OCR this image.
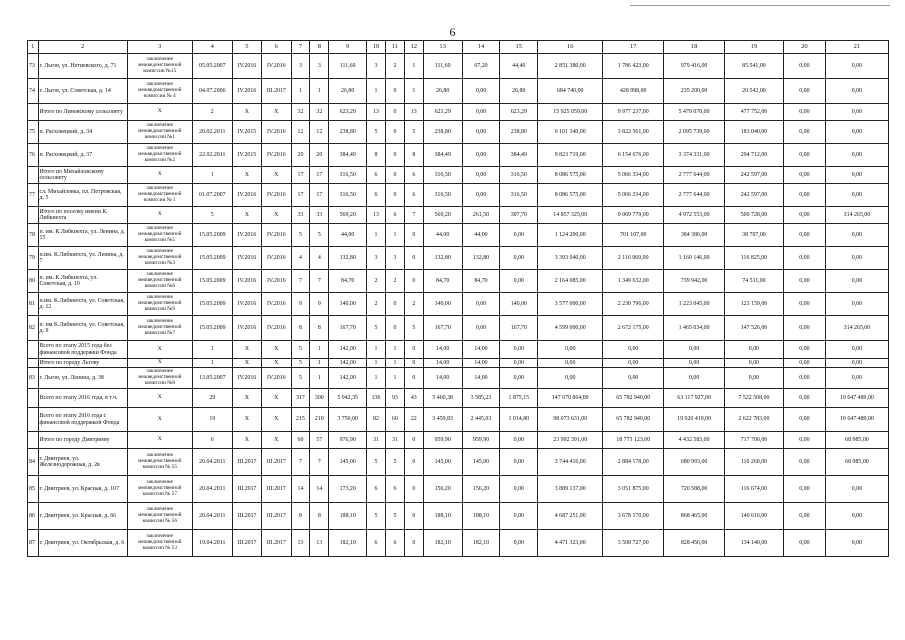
6
1	2	3	4	5	6	7	8	9	10	11	12	13	14	15	16	17	18	19	20	21
73	г. Льгов, ул. Нетиевского, д. 71	заключение межведомственной комиссии №15	05.05.2007	IV.2016	IV.2016	3	3	111,60	3	2	1	111,60	67,20	44,40	2 851 380,00	1 786 423,00	979 416,00	85 541,00	0,00	0,00
74	г. Льгов, ул. Советская, д. 14	заключение межведомственной комиссии № 4	04.07.2006	IV.2016	III.2017	1	1	26,80	1	0	1	26,80	0,00	26,80	684 740,00	428 998,00	235 200,00	20 542,00	0,00	0,00
	Итого по Линовскому сельсовету	X	2	X	X	32	32	623,29	13	0	13	623,29	0,00	623,29	15 925 059,00	9 977 237,00	5 470 070,00	477 752,00	0,00	0,00
75	п. Расховецкий, д. 34	заключение межведомственной комиссии №1	20.02.2011	IV.2015	IV.2016	12	12	238,80	5	0	5	238,80	0,00	238,80	6 101 340,00	3 822 561,00	2 095 739,00	183 040,00	0,00	0,00
76	п. Расховецкий, д. 37	заключение межведомственной комиссии №2	22.02.2011	IV.2015	IV.2016	20	20	384,49	8	0	8	384,49	0,00	384,49	9 823 719,00	6 154 676,00	3 374 331,00	294 712,00	0,00	0,00
	Итого по Михайловскому сельсовету	X	1	X	X	17	17	316,50	6	0	6	316,50	0,00	316,50	8 086 575,00	5 066 334,00	2 777 644,00	242 597,00	0,00	0,00
77	сл. Михайловка, пл. Петровская, д. 5	заключение межведомственной комиссии № 1	01.07.2007	IV.2016	IV.2016	17	17	316,50	6	0	6	316,50	0,00	316,50	8 086 575,00	5 066 334,00	2 777 644,00	242 597,00	0,00	0,00
	Итого по поселку имени К. Либкнехта	X	5	X	X	33	33	569,20	13	6	7	569,20	261,50	307,70	14 857 325,00	9 069 779,00	4 972 553,00	500 728,00	0,00	314 265,00
78	п. им. К.Либкнехта, ул. Ленина, д. 15	заключение межведомственной комиссии №5	15.05.2009	IV.2016	IV.2016	5	5	44,00	1	1	0	44,00	44,00	0,00	1 124 200,00	701 107,00	384 386,00	38 707,00	0,00	0,00
79	п.им. К.Либкнехта, ул. Ленина, д. 7	заключение межведомственной комиссии №3	15.05.2009	IV.2016	IV.2016	4	4	132,80	3	3	0	132,80	132,80	0,00	3 393 040,00	2 116 069,00	1 160 146,00	116 825,00	0,00	0,00
80	п. им. К.Либкнехта, ул. Советская, д. 10	заключение межведомственной комиссии №6	15.05.2009	IV.2016	IV.2016	7	7	84,70	2	2	0	84,70	84,70	0,00	2 164 085,00	1 349 632,00	739 942,00	74 511,00	0,00	0,00
81	п.им. К.Либкнехта, ул. Советская, д. 12	заключение межведомственной комиссии №9	15.05.2009	IV.2016	IV.2016	9	9	140,00	2	0	2	140,00	0,00	140,00	3 577 000,00	2 230 796,00	1 223 045,00	123 159,00	0,00	0,00
82	п. им К.Либкнехта, ул. Советская, д. 9	заключение межведомственной комиссии №7	15.05.2009	IV.2016	IV.2016	8	8	167,70	5	0	5	167,70	0,00	167,70	4 599 000,00	2 672 175,00	1 465 034,00	147 526,00	0,00	314 265,00
	Всего по этапу 2015 года без финансовой поддержки Фонда	X	1	X	X	5	1	142,00	1	1	0	14,00	14,00	0,00	0,00	0,00	0,00	0,00	0,00	0,00
	Итого по городу Льгову	X	1	X	X	5	1	142,00	1	1	0	14,00	14,00	0,00	0,00	0,00	0,00	0,00	0,00	0,00
83	г. Льгов, ул. Ленина, д. 38	заключение межведомственной комиссии №8	13.05.2007	IV.2016	IV.2016	5	1	142,00	1	1	0	14,00	14,00	0,00	0,00	0,00	0,00	0,00	0,00	0,00
	Всего по этапу 2016 года, в т.ч.	X	29	X	X	317	300	5 942,35	136	93	43	5 460,38	3 585,23	1 875,15	147 070 864,00	65 782 940,00	63 117 927,00	7 522 508,00	0,00	10 647 489,00
	Всего по этапу 2016 года с финансовой поддержкой Фонда	X	19	X	X	215	210	3 750,00	82	60	22	3 459,83	2 445,03	1 014,80	98 073 631,00	65 782 940,00	19 020 419,00	2 622 783,00	0,00	10 647 489,00
	Итого по городу Дмитриеву	X	6	X	X	60	57	976,90	31	31	0	959,90	959,90	0,00	23 992 391,00	18 773 123,00	4 432 583,00	717 700,00	0,00	68 985,00
84	г. Дмитриев, ул. Железнодорожная, д. 2в	заключение межведомственной комиссии № 55	20.04.2011	III.2017	III.2017	7	7	145,00	5	5	0	145,00	145,00	0,00	3 744 416,00	2 884 178,00	680 993,00	110 260,00	0,00	68 985,00
85	г. Дмитриев, ул. Красная, д. 107	заключение межведомственной комиссии № 57	20.04.2011	III.2017	III.2017	14	14	173,20	6	6	0	156,20	156,20	0,00	3 889 137,00	3 051 875,00	720 588,00	116 674,00	0,00	0,00
86	г. Дмитриев, ул. Красная, д. 66	заключение межведомственной комиссии № 56	20.04.2011	III.2017	III.2017	8	8	188,10	5	5	0	188,10	188,10	0,00	4 687 251,00	3 678 170,00	868 465,00	140 616,00	0,00	0,00
87	г. Дмитриев, ул. Октябрьская, д. 6	заключение межведомственной комиссии № 53	19.04.2011	III.2017	III.2017	13	13	182,10	6	6	0	182,10	182,10	0,00	4 471 323,00	3 508 727,00	828 456,00	134 140,00	0,00	0,00
